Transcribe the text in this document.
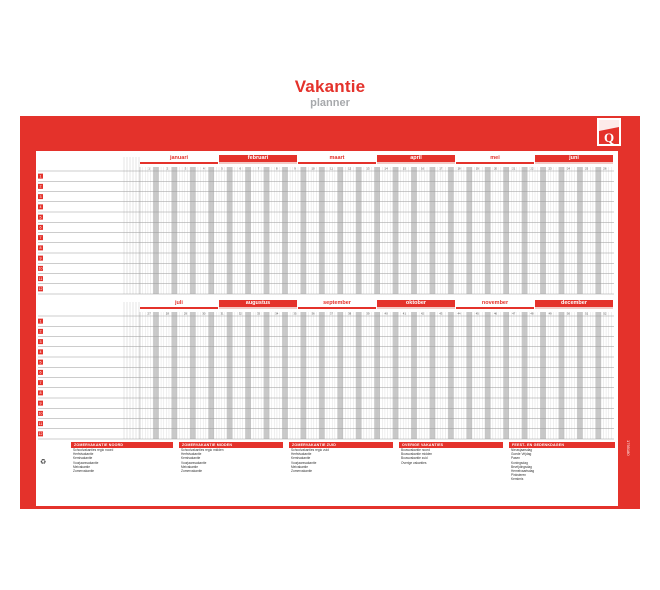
Vakantie
planner
Q
1795180
januari	februari	maart	april	mei	juni
1	2	3	4	5	6	7	8	9	10	11	12	13	14	15	16	17	18	19	20	21	22	23	24	25	26
1
2
3
4
5
6
7
8
9
10
11
12
juli	augustus	september	oktober	november	december
27	28	29	30	31	32	33	34	35	36	37	38	39	40	41	42	43	44	45	46	47	48	49	50	51	52
1
2
3
4
5
6
7
8
9
10
11
12
ZOMERVAKANTIE NOORD
Schoolvakanties regio noord
Herfstvakantie
Kerstvakantie
Voorjaarsvakantie
Meivakantie
Zomervakantie
ZOMERVAKANTIE MIDDEN
Schoolvakanties regio midden
Herfstvakantie
Kerstvakantie
Voorjaarsvakantie
Meivakantie
Zomervakantie
ZOMERVAKANTIE ZUID
Schoolvakanties regio zuid
Herfstvakantie
Kerstvakantie
Voorjaarsvakantie
Meivakantie
Zomervakantie
OVERIGE VAKANTIES
Bouwvakantie noord
Bouwvakantie midden
Bouwvakantie zuid
Overige vakanties
FEEST- EN GEDENKDAGEN
Nieuwjaarsdag
Goede Vrijdag
Pasen
Koningsdag
Bevrijdingsdag
Hemelvaartsdag
Pinksteren
Kerstmis
♻
